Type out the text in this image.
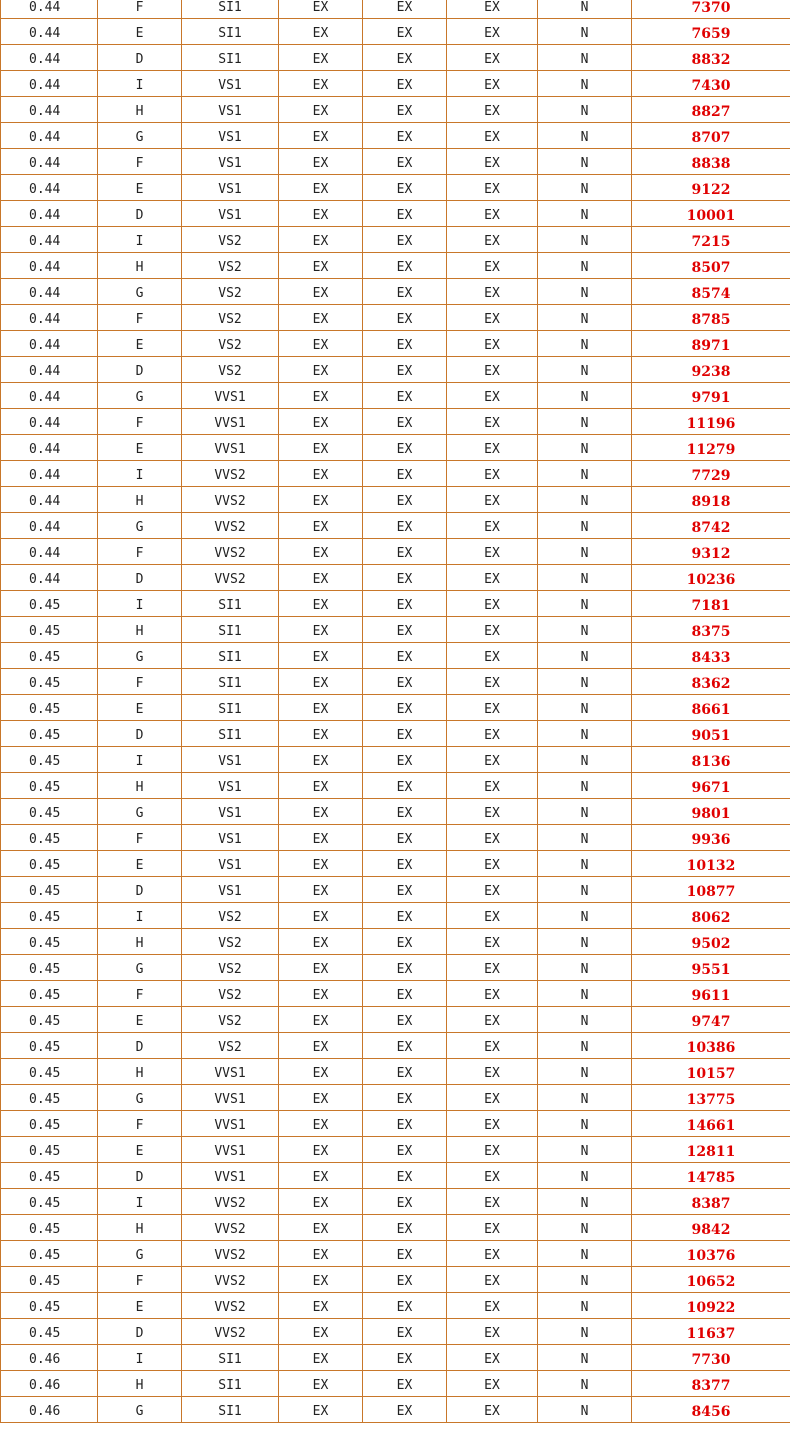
0.44	F	SI1	EX	EX	EX	N	7370
0.44	E	SI1	EX	EX	EX	N	7659
0.44	D	SI1	EX	EX	EX	N	8832
0.44	I	VS1	EX	EX	EX	N	7430
0.44	H	VS1	EX	EX	EX	N	8827
0.44	G	VS1	EX	EX	EX	N	8707
0.44	F	VS1	EX	EX	EX	N	8838
0.44	E	VS1	EX	EX	EX	N	9122
0.44	D	VS1	EX	EX	EX	N	10001
0.44	I	VS2	EX	EX	EX	N	7215
0.44	H	VS2	EX	EX	EX	N	8507
0.44	G	VS2	EX	EX	EX	N	8574
0.44	F	VS2	EX	EX	EX	N	8785
0.44	E	VS2	EX	EX	EX	N	8971
0.44	D	VS2	EX	EX	EX	N	9238
0.44	G	VVS1	EX	EX	EX	N	9791
0.44	F	VVS1	EX	EX	EX	N	11196
0.44	E	VVS1	EX	EX	EX	N	11279
0.44	I	VVS2	EX	EX	EX	N	7729
0.44	H	VVS2	EX	EX	EX	N	8918
0.44	G	VVS2	EX	EX	EX	N	8742
0.44	F	VVS2	EX	EX	EX	N	9312
0.44	D	VVS2	EX	EX	EX	N	10236
0.45	I	SI1	EX	EX	EX	N	7181
0.45	H	SI1	EX	EX	EX	N	8375
0.45	G	SI1	EX	EX	EX	N	8433
0.45	F	SI1	EX	EX	EX	N	8362
0.45	E	SI1	EX	EX	EX	N	8661
0.45	D	SI1	EX	EX	EX	N	9051
0.45	I	VS1	EX	EX	EX	N	8136
0.45	H	VS1	EX	EX	EX	N	9671
0.45	G	VS1	EX	EX	EX	N	9801
0.45	F	VS1	EX	EX	EX	N	9936
0.45	E	VS1	EX	EX	EX	N	10132
0.45	D	VS1	EX	EX	EX	N	10877
0.45	I	VS2	EX	EX	EX	N	8062
0.45	H	VS2	EX	EX	EX	N	9502
0.45	G	VS2	EX	EX	EX	N	9551
0.45	F	VS2	EX	EX	EX	N	9611
0.45	E	VS2	EX	EX	EX	N	9747
0.45	D	VS2	EX	EX	EX	N	10386
0.45	H	VVS1	EX	EX	EX	N	10157
0.45	G	VVS1	EX	EX	EX	N	13775
0.45	F	VVS1	EX	EX	EX	N	14661
0.45	E	VVS1	EX	EX	EX	N	12811
0.45	D	VVS1	EX	EX	EX	N	14785
0.45	I	VVS2	EX	EX	EX	N	8387
0.45	H	VVS2	EX	EX	EX	N	9842
0.45	G	VVS2	EX	EX	EX	N	10376
0.45	F	VVS2	EX	EX	EX	N	10652
0.45	E	VVS2	EX	EX	EX	N	10922
0.45	D	VVS2	EX	EX	EX	N	11637
0.46	I	SI1	EX	EX	EX	N	7730
0.46	H	SI1	EX	EX	EX	N	8377
0.46	G	SI1	EX	EX	EX	N	8456
